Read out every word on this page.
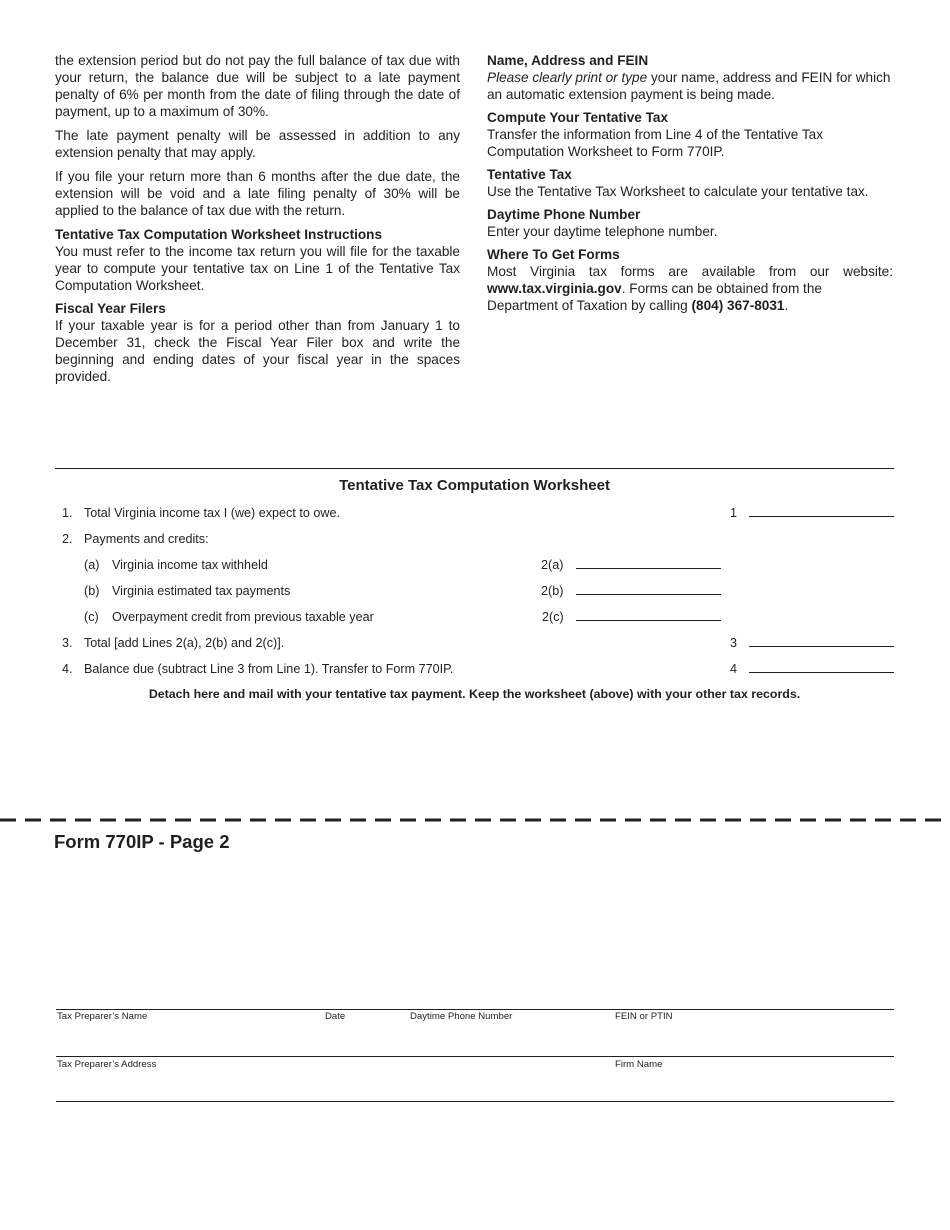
the extension period but do not pay the full balance of tax due with your return, the balance due will be subject to a late payment penalty of 6% per month from the date of filing through the date of payment, up to a maximum of 30%.

The late payment penalty will be assessed in addition to any extension penalty that may apply.

If you file your return more than 6 months after the due date, the extension will be void and a late filing penalty of 30% will be applied to the balance of tax due with the return.

Tentative Tax Computation Worksheet Instructions
You must refer to the income tax return you will file for the taxable year to compute your tentative tax on Line 1 of the Tentative Tax Computation Worksheet.
Fiscal Year Filers
If your taxable year is for a period other than from January 1 to December 31, check the Fiscal Year Filer box and write the beginning and ending dates of your fiscal year in the spaces provided.
Name, Address and FEIN
Please clearly print or type your name, address and FEIN for which an automatic extension payment is being made.
Compute Your Tentative Tax
Transfer the information from Line 4 of the Tentative Tax Computation Worksheet to Form 770IP.
Tentative Tax
Use the Tentative Tax Worksheet to calculate your tentative tax.
Daytime Phone Number
Enter your daytime telephone number.
Where To Get Forms
Most Virginia tax forms are available from our website:
www.tax.virginia.gov. Forms can be obtained from the Department of Taxation by calling (804) 367-8031.
Tentative Tax Computation Worksheet
1. Total Virginia income tax I (we) expect to owe.	1
2. Payments and credits:
(a) Virginia income tax withheld	2(a)
(b) Virginia estimated tax payments	2(b)
(c) Overpayment credit from previous taxable year	2(c)
3. Total [add Lines 2(a), 2(b) and 2(c)].	3
4. Balance due (subtract Line 3 from Line 1). Transfer to Form 770IP.	4
Detach here and mail with your tentative tax payment. Keep the worksheet (above) with your other tax records.
Form 770IP - Page 2
Tax Preparer’s Name	Date	Daytime Phone Number	FEIN or PTIN
Tax Preparer’s Address	Firm Name
